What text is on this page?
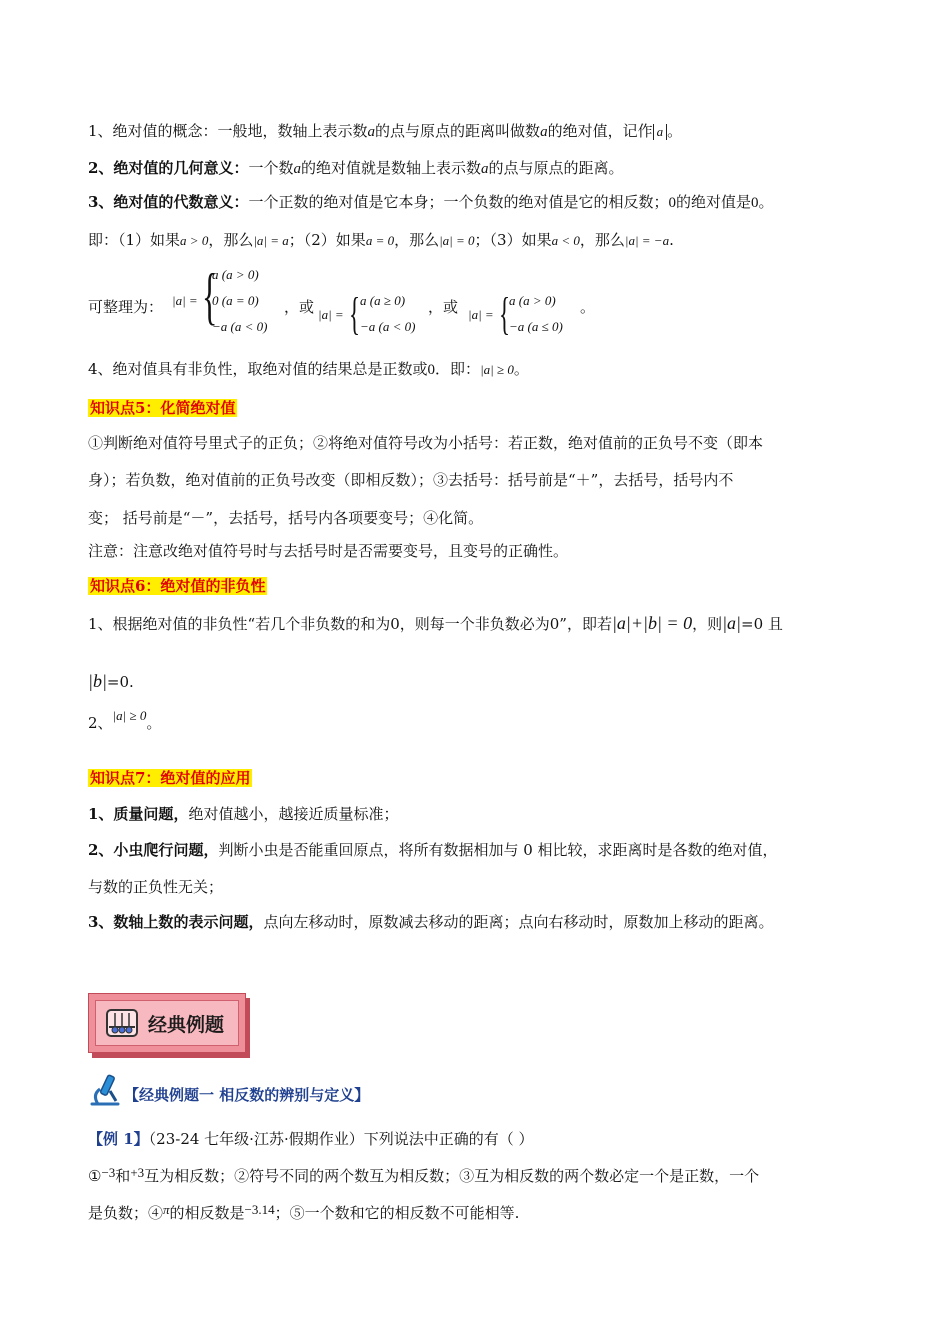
1、绝对值的概念：一般地，数轴上表示数a的点与原点的距离叫做数a的绝对值，记作 a 。
2、绝对值的几何意义：一个数a的绝对值就是数轴上表示数a的点与原点的距离。
3、绝对值的代数意义：一个正数的绝对值是它本身；一个负数的绝对值是它的相反数；0的绝对值是0。
即：（1）如果a > 0，那么|a| = a；（2）如果a = 0，那么|a| = 0；（3）如果a < 0，那么|a| = −a.
可整理为： |a| = {
a (a > 0)
0 (a = 0)
−a (a < 0)
，或 |a| = { a (a ≥ 0)
−a (a < 0)
，或 |a| = {
a (a > 0)
−a (a ≤ 0)
。
4、绝对值具有非负性，取绝对值的结果总是正数或0．即：|a| ≥ 0。
知识点5：化简绝对值
①判断绝对值符号里式子的正负；②将绝对值符号改为小括号：若正数，绝对值前的正负号不变（即本
身）；若负数，绝对值前的正负号改变（即相反数）；③去括号：括号前是“＋”，去括号，括号内不
变； 括号前是“－”，去括号，括号内各项要变号；④化简。
注意：注意改绝对值符号时与去括号时是否需要变号，且变号的正确性。
知识点6：绝对值的非负性
1、根据绝对值的非负性“若几个非负数的和为0，则每一个非负数必为0”，即若|a|+|b| = 0，则|a|=0 且
|b|=0.
2、|a| ≥ 0。
知识点7：绝对值的应用
1、质量问题，绝对值越小，越接近质量标准；
2、小虫爬行问题，判断小虫是否能重回原点，将所有数据相加与 0 相比较，求距离时是各数的绝对值，
与数的正负性无关；
3、数轴上数的表示问题，点向左移动时，原数减去移动的距离；点向右移动时，原数加上移动的距离。
经典例题
【经典例题一 相反数的辨别与定义】
【例 1】（23-24 七年级·江苏·假期作业）下列说法中正确的有（ ）
①−3和+3互为相反数；②符号不同的两个数互为相反数；③互为相反数的两个数必定一个是正数，一个
是负数；④π的相反数是−3.14；⑤一个数和它的相反数不可能相等.
